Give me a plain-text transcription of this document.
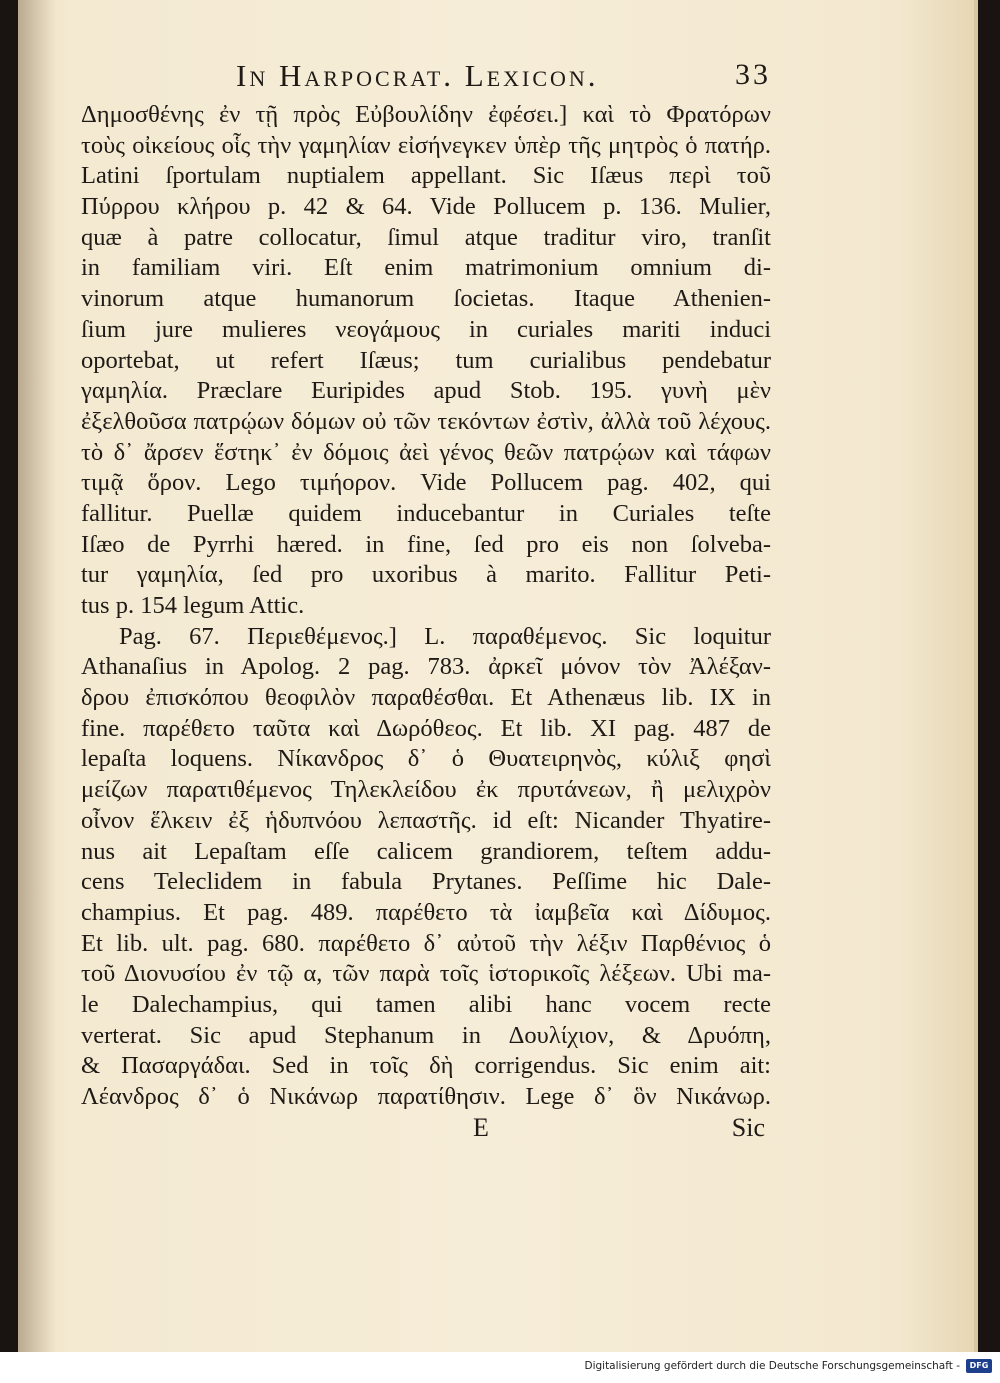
In Harpocrat. Lexicon.	33
Δημοσθένης ἐν τῇ πρὸς Εὐβουλίδην ἐφέσει.] καὶ τὸ Φρατόρων
τοὺς οἰκείους οἷς τὴν γαμηλίαν εἰσήνεγκεν ὑπὲρ τῆς μητρὸς ὁ πατήρ.
Latini ſportulam nuptialem appellant. Sic Iſæus περὶ τοῦ
Πύρρου κλήρου p. 42 & 64. Vide Pollucem p. 136. Mulier,
quæ à patre collocatur, ſimul atque traditur viro, tranſit
in familiam viri. Eſt enim matrimonium omnium di-
vinorum atque humanorum ſocietas. Itaque Athenien-
ſium jure mulieres νεογάμους in curiales mariti induci
oportebat, ut refert Iſæus; tum curialibus pendebatur
γαμηλία. Præclare Euripides apud Stob. 195. γυνὴ μὲν
ἐξελθοῦσα πατρῴων δόμων οὐ τῶν τεκόντων ἐστὶν, ἀλλὰ τοῦ λέχους.
τὸ δ᾽ ἄρσεν ἕστηκ᾽ ἐν δόμοις ἀεὶ γένος θεῶν πατρῴων καὶ τάφων
τιμᾷ ὅρον. Lego τιμήορον. Vide Pollucem pag. 402, qui
fallitur. Puellæ quidem inducebantur in Curiales teſte
Iſæo de Pyrrhi hæred. in fine, ſed pro eis non ſolveba-
tur γαμηλία, ſed pro uxoribus à marito. Fallitur Peti-
tus p. 154 legum Attic.
Pag. 67. Περιεθέμενος.] L. παραθέμενος. Sic loquitur
Athanaſius in Apolog. 2 pag. 783. ἀρκεῖ μόνον τὸν Ἀλέξαν-
δρου ἐπισκόπου θεοφιλὸν παραθέσθαι. Et Athenæus lib. IX in
fine. παρέθετο ταῦτα καὶ Δωρόθεος. Et lib. XI pag. 487 de
lepaſta loquens. Νίκανδρος δ᾽ ὁ Θυατειρηνὸς, κύλιξ φησὶ
μείζων παρατιθέμενος Τηλεκλείδου ἐκ πρυτάνεων, ἢ μελιχρὸν
οἶνον ἕλκειν ἐξ ἡδυπνόου λεπαστῆς. id eſt: Nicander Thyatire-
nus ait Lepaſtam eſſe calicem grandiorem, teſtem addu-
cens Teleclidem in fabula Prytanes. Peſſime hic Dale-
champius. Et pag. 489. παρέθετο τὰ ἰαμβεῖα καὶ Δίδυμος.
Et lib. ult. pag. 680. παρέθετο δ᾽ αὐτοῦ τὴν λέξιν Παρθένιος ὁ
τοῦ Διονυσίου ἐν τῷ α, τῶν παρὰ τοῖς ἱστορικοῖς λέξεων. Ubi ma-
le Dalechampius, qui tamen alibi hanc vocem recte
verterat. Sic apud Stephanum in Δουλίχιον, & Δρυόπη,
& Πασαργάδαι. Sed in τοῖς δὴ corrigendus. Sic enim ait:
Λέανδρος δ᾽ ὁ Νικάνωρ παρατίθησιν. Lege δ᾽ ὃν Νικάνωρ.
E	Sic
Digitalisierung gefördert durch die Deutsche Forschungsgemeinschaft -	DFG
